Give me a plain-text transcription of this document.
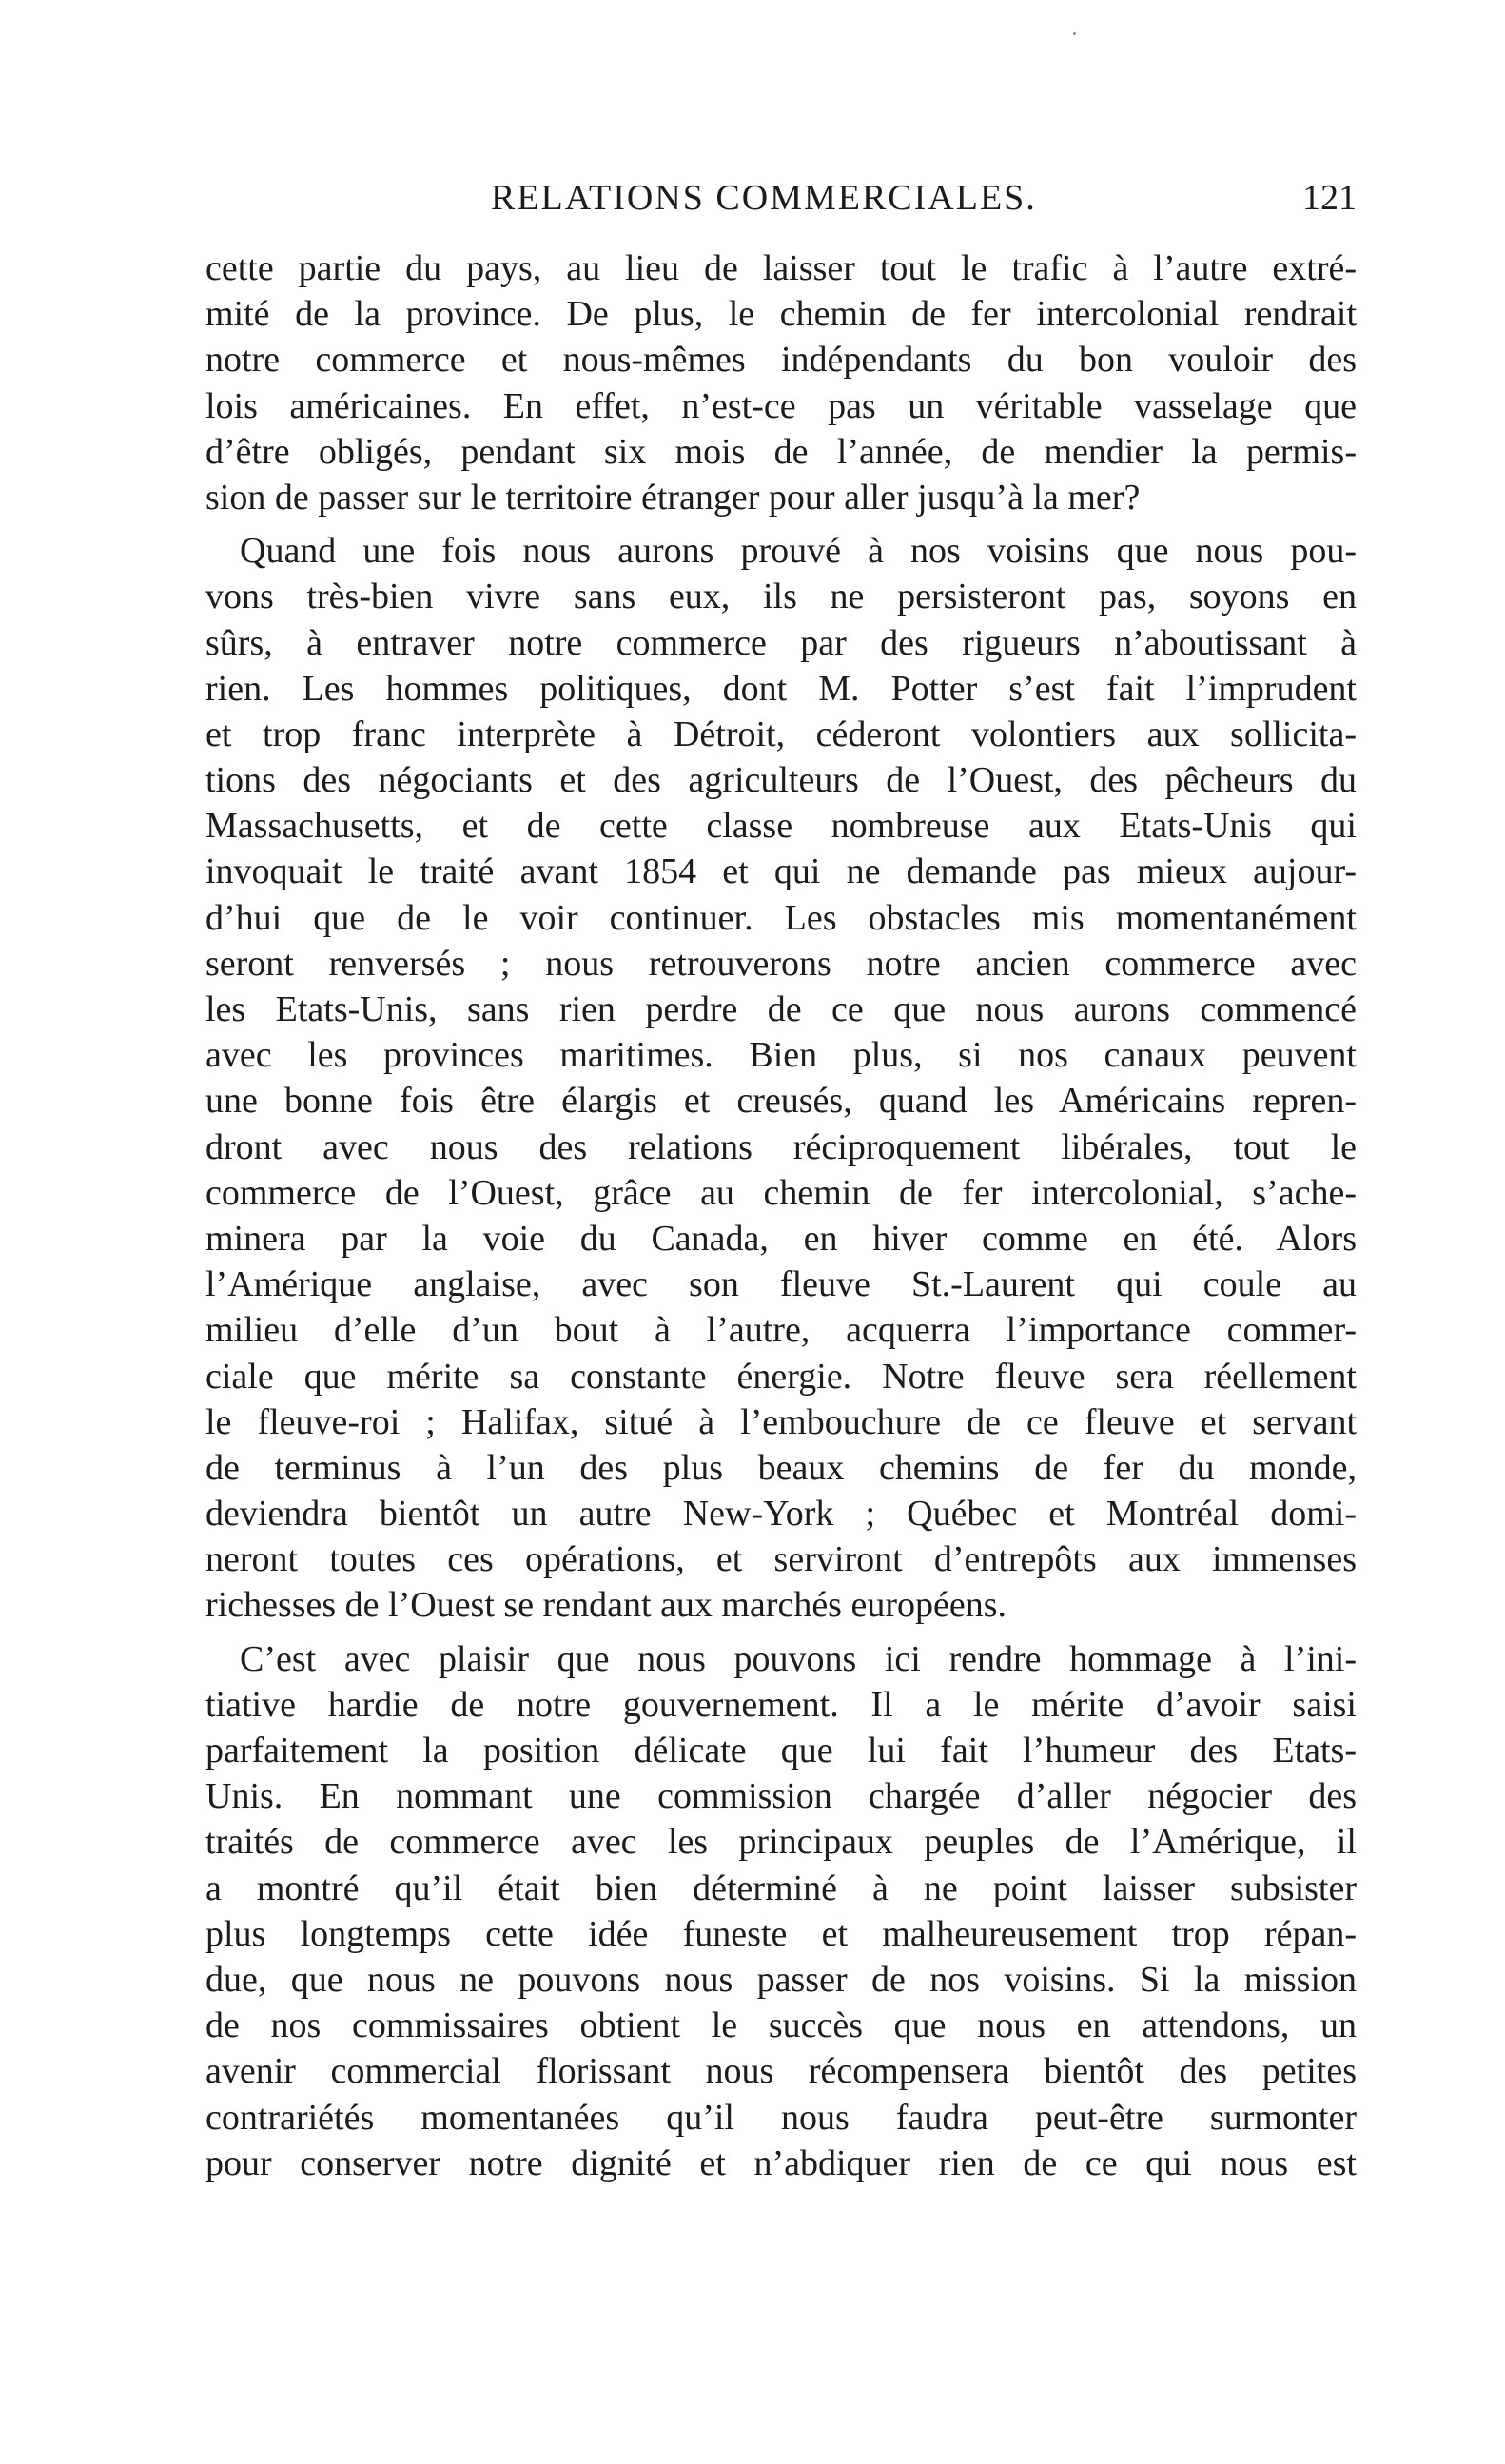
RELATIONS COMMERCIALES.	121
cette partie du pays, au lieu de laisser tout le trafic à l’autre extré-
mité de la province. De plus, le chemin de fer intercolonial rendrait
notre commerce et nous-mêmes indépendants du bon vouloir des
lois américaines. En effet, n’est-ce pas un véritable vasselage que
d’être obligés, pendant six mois de l’année, de mendier la permis-
sion de passer sur le territoire étranger pour aller jusqu’à la mer?
Quand une fois nous aurons prouvé à nos voisins que nous pou-
vons très-bien vivre sans eux, ils ne persisteront pas, soyons en
sûrs, à entraver notre commerce par des rigueurs n’aboutissant à
rien. Les hommes politiques, dont M. Potter s’est fait l’imprudent
et trop franc interprète à Détroit, céderont volontiers aux sollicita-
tions des négociants et des agriculteurs de l’Ouest, des pêcheurs du
Massachusetts, et de cette classe nombreuse aux Etats-Unis qui
invoquait le traité avant 1854 et qui ne demande pas mieux aujour-
d’hui que de le voir continuer. Les obstacles mis momentanément
seront renversés ; nous retrouverons notre ancien commerce avec
les Etats-Unis, sans rien perdre de ce que nous aurons commencé
avec les provinces maritimes. Bien plus, si nos canaux peuvent
une bonne fois être élargis et creusés, quand les Américains repren-
dront avec nous des relations réciproquement libérales, tout le
commerce de l’Ouest, grâce au chemin de fer intercolonial, s’ache-
minera par la voie du Canada, en hiver comme en été. Alors
l’Amérique anglaise, avec son fleuve St.-Laurent qui coule au
milieu d’elle d’un bout à l’autre, acquerra l’importance commer-
ciale que mérite sa constante énergie. Notre fleuve sera réellement
le fleuve-roi ; Halifax, situé à l’embouchure de ce fleuve et servant
de terminus à l’un des plus beaux chemins de fer du monde,
deviendra bientôt un autre New-York ; Québec et Montréal domi-
neront toutes ces opérations, et serviront d’entrepôts aux immenses
richesses de l’Ouest se rendant aux marchés européens.
C’est avec plaisir que nous pouvons ici rendre hommage à l’ini-
tiative hardie de notre gouvernement. Il a le mérite d’avoir saisi
parfaitement la position délicate que lui fait l’humeur des Etats-
Unis. En nommant une commission chargée d’aller négocier des
traités de commerce avec les principaux peuples de l’Amérique, il
a montré qu’il était bien déterminé à ne point laisser subsister
plus longtemps cette idée funeste et malheureusement trop répan-
due, que nous ne pouvons nous passer de nos voisins. Si la mission
de nos commissaires obtient le succès que nous en attendons, un
avenir commercial florissant nous récompensera bientôt des petites
contrariétés momentanées qu’il nous faudra peut-être surmonter
pour conserver notre dignité et n’abdiquer rien de ce qui nous est
